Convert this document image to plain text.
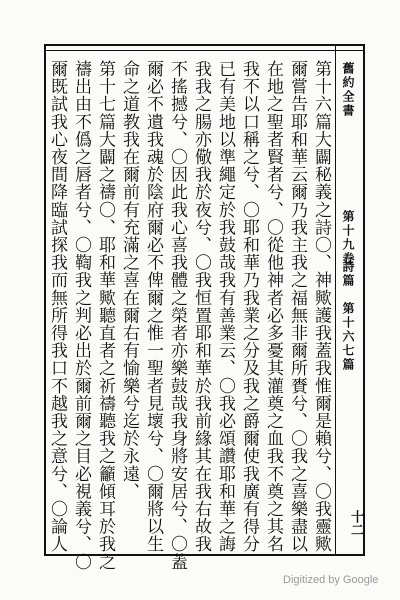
舊約全書
第十九卷
詩篇　第十六七篇
十二
第十六篇大闢秘義之詩〇、神歟護我蓋我惟爾是賴兮、〇我靈歟
爾嘗告耶和華云爾乃我主我之福無非爾所賚兮、〇我之喜樂盡以
在地之聖者賢者兮、〇從他神者必多憂其灌奠之血我不奠之其名
我不以口稱之兮、〇耶和華乃我業之分及我之爵爾使我廣有得分
已有美地以準繩定於我鼓哉我有善業云、〇我必頌讚耶和華之誨
我我之腸亦儆我於夜兮、〇我恒置耶和華於我前緣其在我右故我
不搖撼兮、〇因此我心喜我體之榮者亦樂鼓哉我身將安居兮、〇蓋
爾必不遺我魂於陰府爾必不俾爾之惟一聖者見壞兮、〇爾將以生
命之道教我在爾前有充滿之喜在爾右有愉樂兮迄於永遠、
第十七篇大闢之禱〇、耶和華歟聽直者之祈禱聽我之籲傾耳於我之
禱出由不僞之唇者兮、〇鞫我之判必出於爾前爾之目必視義兮、〇
爾既試我心夜間降臨試探我而無所得我口不越我之意兮、〇論人
Digitized by Google
